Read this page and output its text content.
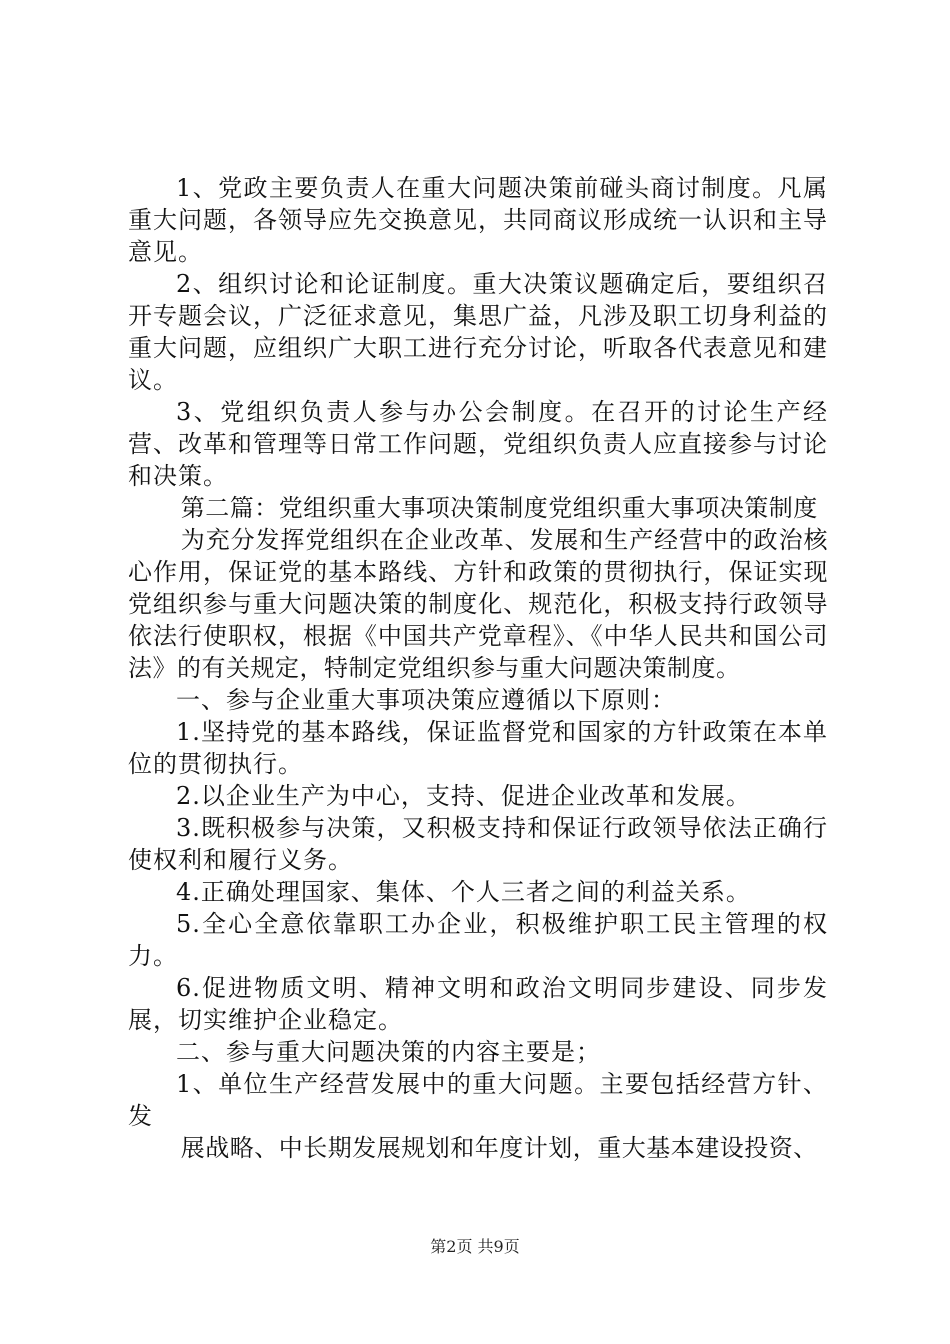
1、党政主要负责人在重大问题决策前碰头商讨制度。凡属重大问题，各领导应先交换意见，共同商议形成统一认识和主导意见。

2、组织讨论和论证制度。重大决策议题确定后，要组织召开专题会议，广泛征求意见，集思广益，凡涉及职工切身利益的重大问题，应组织广大职工进行充分讨论，听取各代表意见和建议。

3、党组织负责人参与办公会制度。在召开的讨论生产经营、改革和管理等日常工作问题，党组织负责人应直接参与讨论和决策。

第二篇：党组织重大事项决策制度党组织重大事项决策制度

为充分发挥党组织在企业改革、发展和生产经营中的政治核心作用，保证党的基本路线、方针和政策的贯彻执行，保证实现党组织参与重大问题决策的制度化、规范化，积极支持行政领导依法行使职权，根据《中国共产党章程》、《中华人民共和国公司法》的有关规定，特制定党组织参与重大问题决策制度。

一、参与企业重大事项决策应遵循以下原则：

1.坚持党的基本路线，保证监督党和国家的方针政策在本单位的贯彻执行。

2.以企业生产为中心，支持、促进企业改革和发展。

3.既积极参与决策，又积极支持和保证行政领导依法正确行使权利和履行义务。

4.正确处理国家、集体、个人三者之间的利益关系。

5.全心全意依靠职工办企业，积极维护职工民主管理的权力。

6.促进物质文明、精神文明和政治文明同步建设、同步发展，切实维护企业稳定。

二、参与重大问题决策的内容主要是；

1、单位生产经营发展中的重大问题。主要包括经营方针、发

展战略、中长期发展规划和年度计划，重大基本建设投资、

第2页 共9页
